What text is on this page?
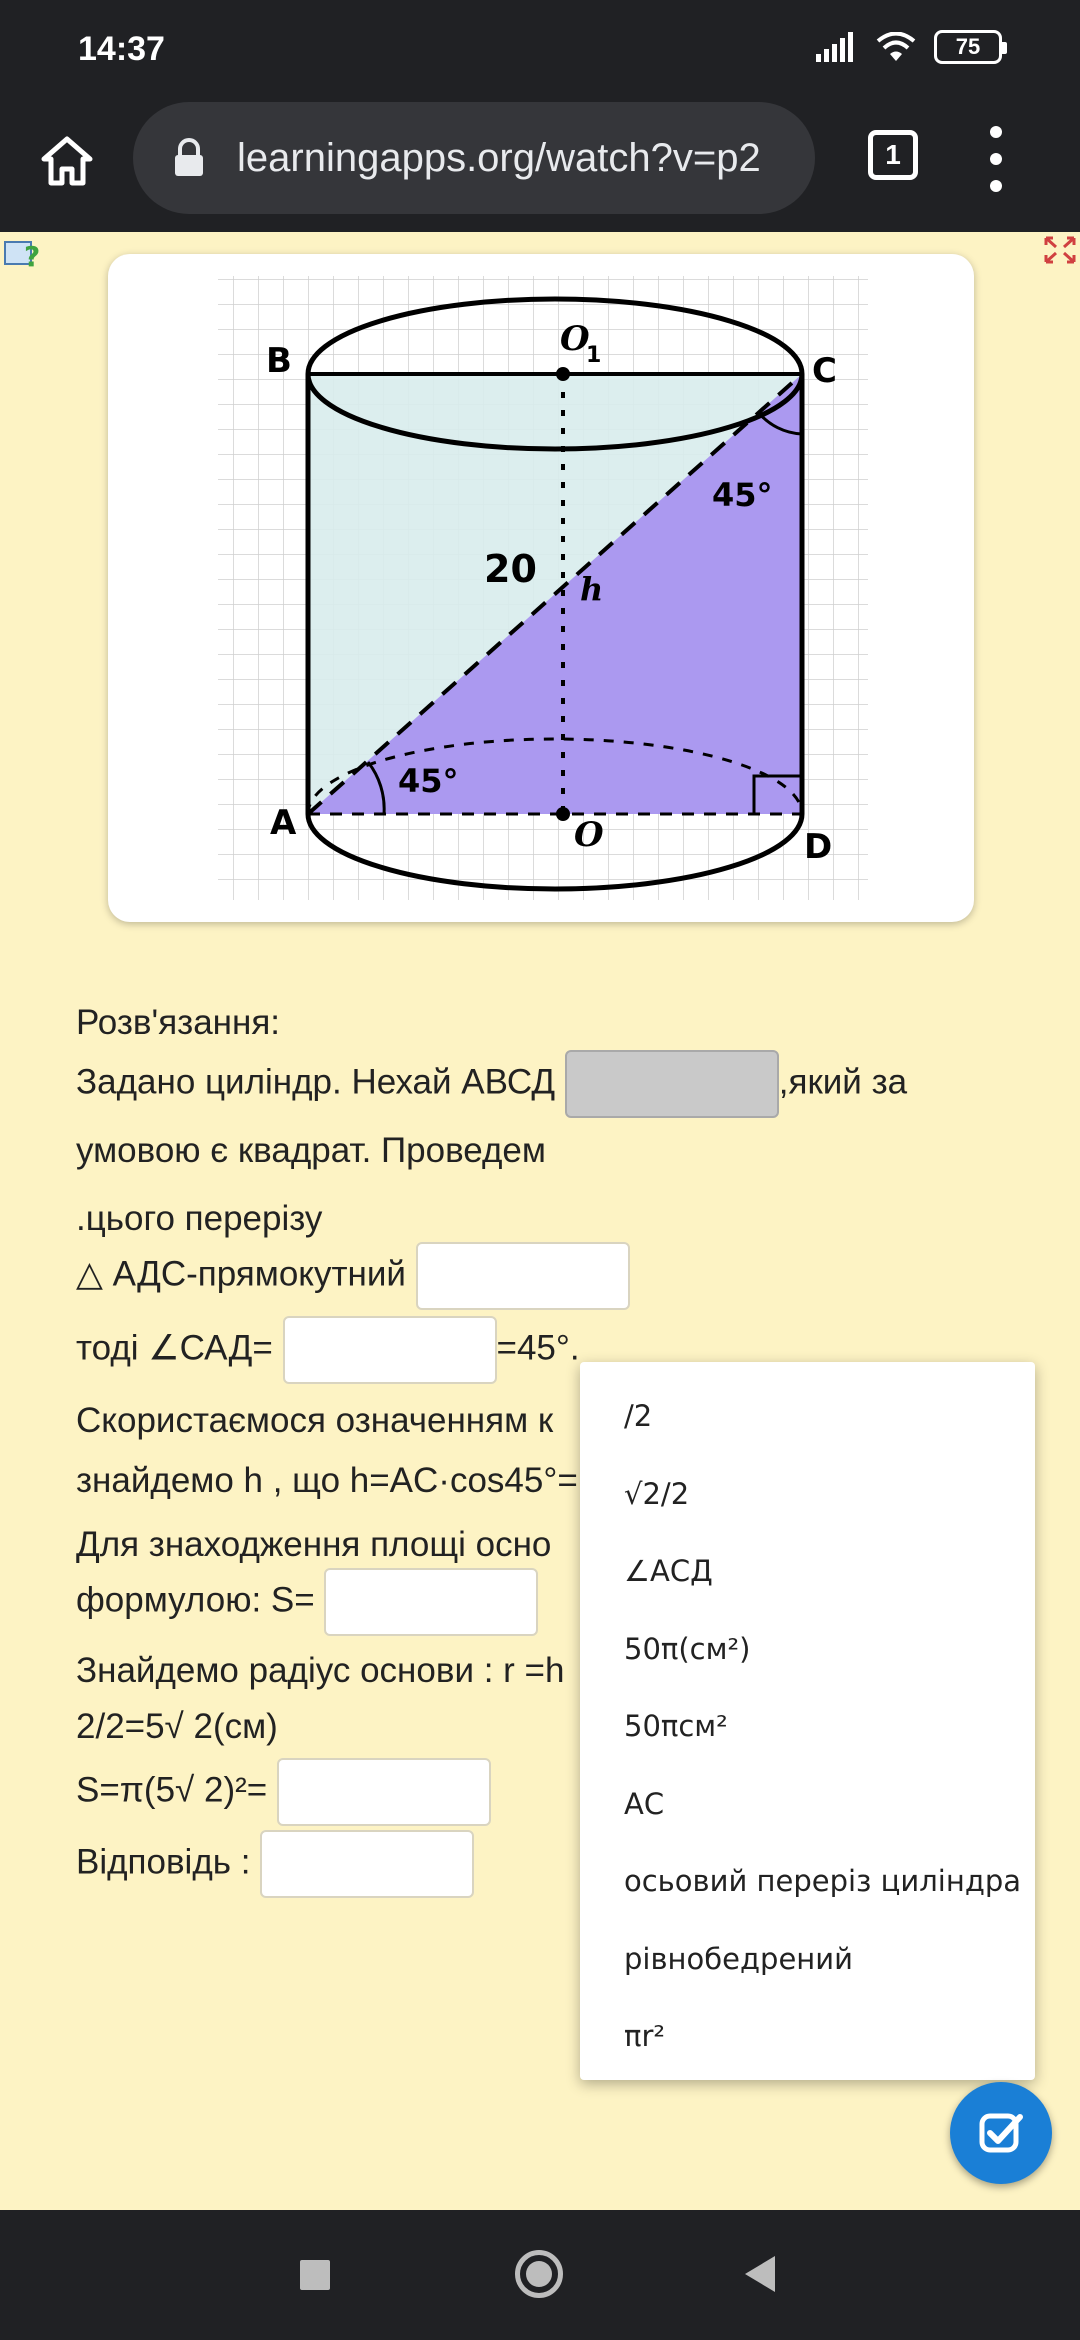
14:37	75
learningapps.org/watch?v=p2	1
?
B
O
1	C
45°
20 h
45°
A	O	D
Розв'язання:
Задано циліндр. Нехай АВСД	,який за
умовою є квадрат. Проведем
.цього перерізу
△ АДС-прямокутний
тоді ∠САД=	=45°.
Скористаємося означенням к
знайдемо h , що h=AC·cos45°=
Для знаходження площі осно
формулою: S=
Знайдемо радіус основи : r =h
2/2=5√ 2(см)
S=π(5√ 2)²=
Відповідь :
/2
√2/2
∠АСД
50π(см²)
50πсм²
АС
осьовий переріз циліндра
рівнобедрений
πr²
